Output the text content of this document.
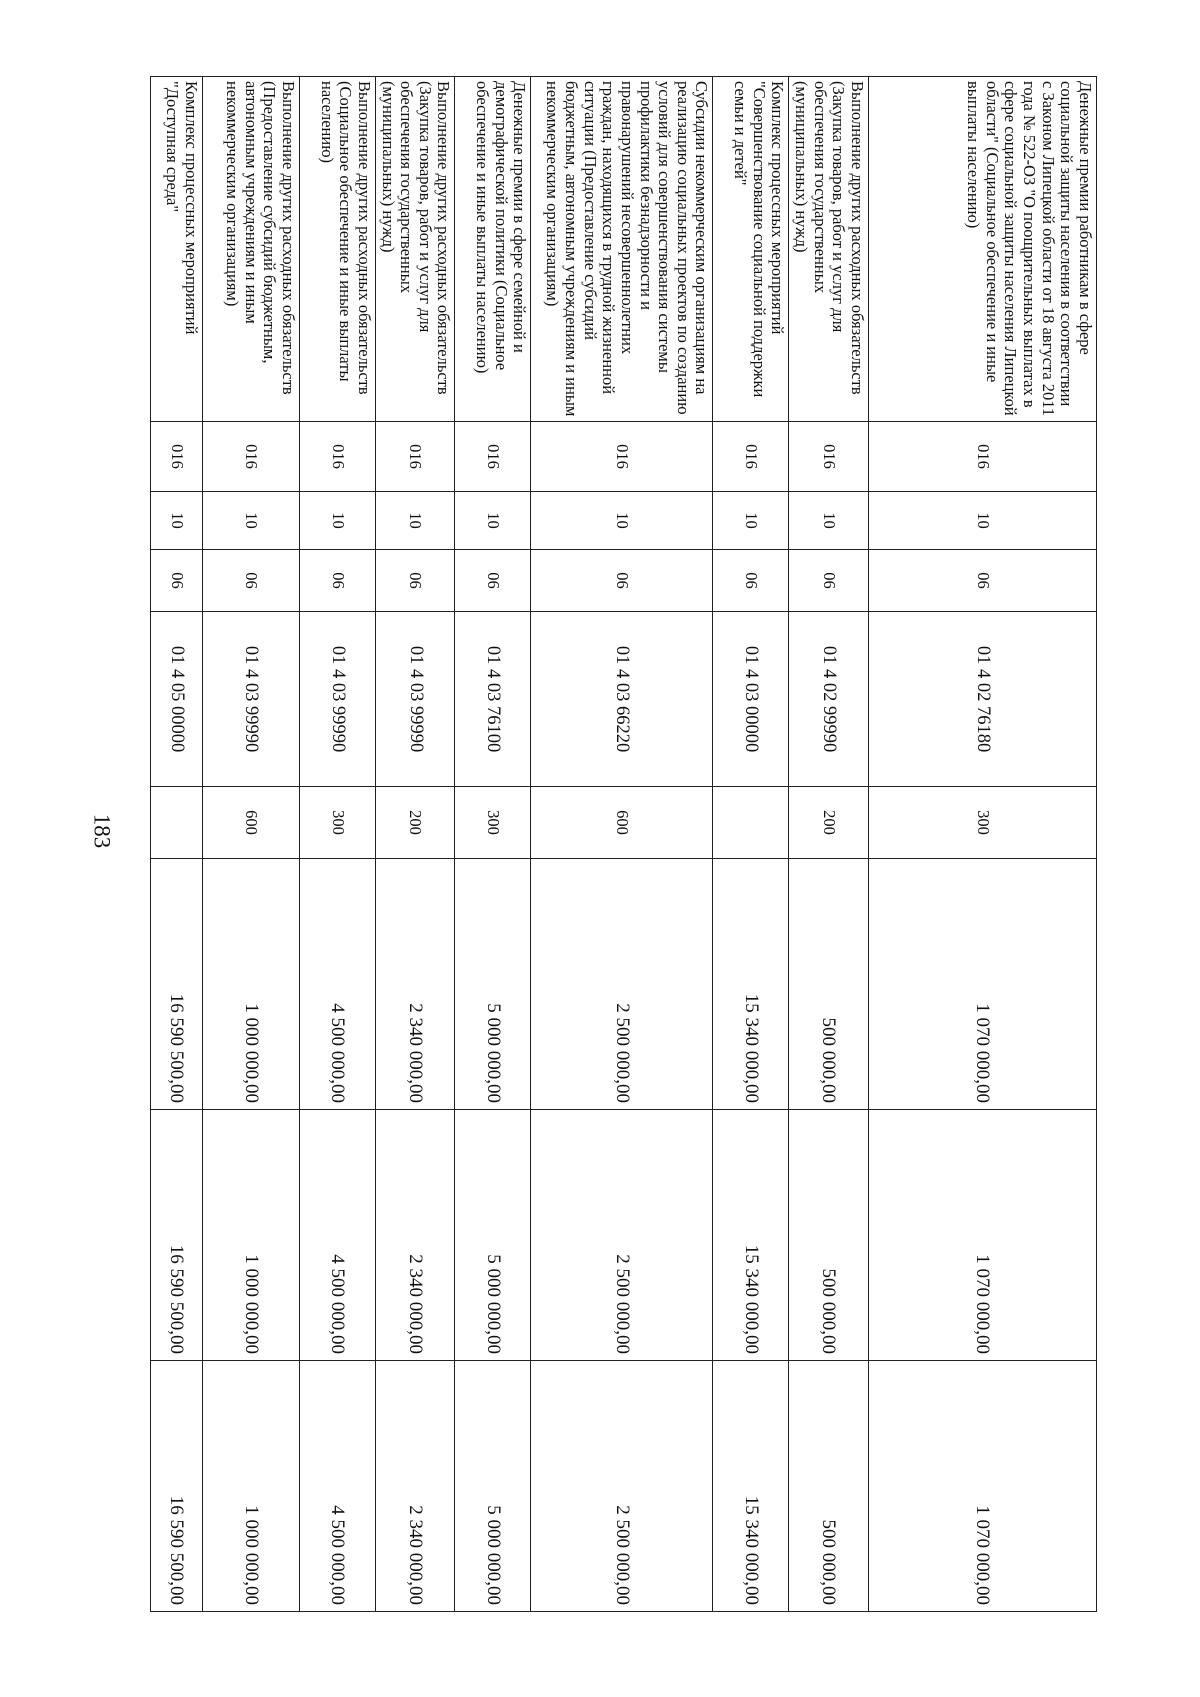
183
Денежные премии работникам в сфере социальной защиты населения в соответствии с Законом Липецкой области от 18 августа 2011 года № 522-ОЗ "О поощрительных выплатах в сфере социальной защиты населения Липецкой области" (Социальное обеспечение и иные выплаты населению)	016	10	06	01 4 02 76180	300	1 070 000,00	1 070 000,00	1 070 000,00
Выполнение других расходных обязательств (Закупка товаров, работ и услуг для обеспечения государственных (муниципальных) нужд)	016	10	06	01 4 02 99990	200	500 000,00	500 000,00	500 000,00
Комплекс процессных мероприятий "Совершенствование социальной поддержки семьи и детей"	016	10	06	01 4 03 00000		15 340 000,00	15 340 000,00	15 340 000,00
Субсидии некоммерческим организациям на реализацию социальных проектов по созданию условий для совершенствования системы профилактики безнадзорности и правонарушений несовершеннолетних граждан, находящихся в трудной жизненной ситуации (Предоставление субсидий бюджетным, автономным учреждениям и иным некоммерческим организациям)	016	10	06	01 4 03 66220	600	2 500 000,00	2 500 000,00	2 500 000,00
Денежные премии в сфере семейной и демографической политики (Социальное обеспечение и иные выплаты населению)	016	10	06	01 4 03 76100	300	5 000 000,00	5 000 000,00	5 000 000,00
Выполнение других расходных обязательств (Закупка товаров, работ и услуг для обеспечения государственных (муниципальных) нужд)	016	10	06	01 4 03 99990	200	2 340 000,00	2 340 000,00	2 340 000,00
Выполнение других расходных обязательств (Социальное обеспечение и иные выплаты населению)	016	10	06	01 4 03 99990	300	4 500 000,00	4 500 000,00	4 500 000,00
Выполнение других расходных обязательств (Предоставление субсидий бюджетным, автономным учреждениям и иным некоммерческим организациям)	016	10	06	01 4 03 99990	600	1 000 000,00	1 000 000,00	1 000 000,00
Комплекс процессных мероприятий "Доступная среда"	016	10	06	01 4 05 00000		16 590 500,00	16 590 500,00	16 590 500,00
